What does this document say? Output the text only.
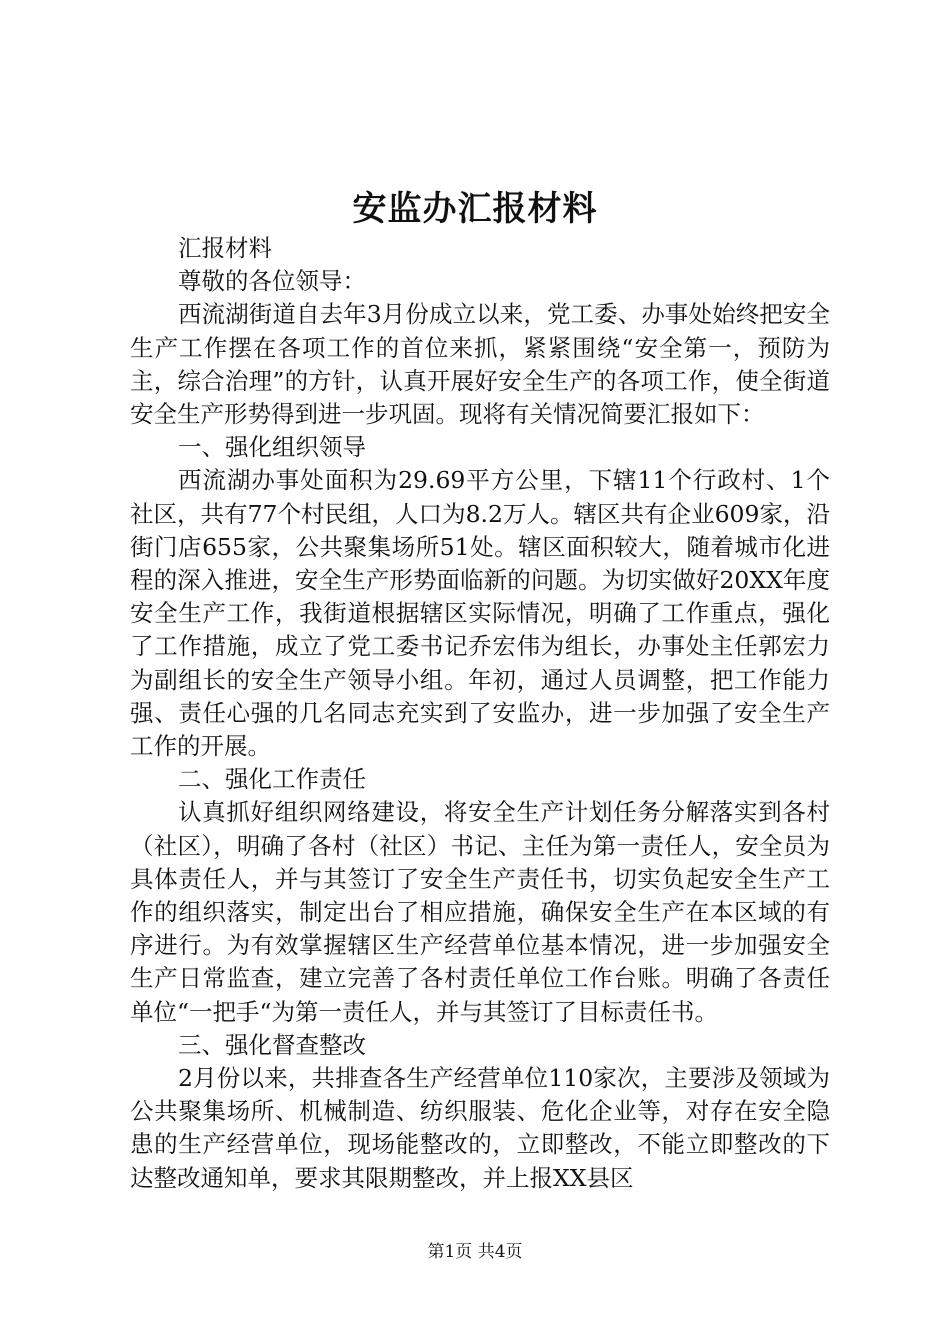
安监办汇报材料

汇报材料

尊敬的各位领导：

西流湖街道自去年3月份成立以来，党工委、办事处始终把安全生产工作摆在各项工作的首位来抓，紧紧围绕“安全第一，预防为主，综合治理”的方针，认真开展好安全生产的各项工作，使全街道安全生产形势得到进一步巩固。现将有关情况简要汇报如下：

一、强化组织领导

西流湖办事处面积为29.69平方公里，下辖11个行政村、1个社区，共有77个村民组，人口为8.2万人。辖区共有企业609家，沿街门店655家，公共聚集场所51处。辖区面积较大，随着城市化进程的深入推进，安全生产形势面临新的问题。为切实做好20XX年度安全生产工作，我街道根据辖区实际情况，明确了工作重点，强化了工作措施，成立了党工委书记乔宏伟为组长，办事处主任郭宏力为副组长的安全生产领导小组。年初，通过人员调整，把工作能力强、责任心强的几名同志充实到了安监办，进一步加强了安全生产工作的开展。

二、强化工作责任

认真抓好组织网络建设，将安全生产计划任务分解落实到各村（社区），明确了各村（社区）书记、主任为第一责任人，安全员为具体责任人，并与其签订了安全生产责任书，切实负起安全生产工作的组织落实，制定出台了相应措施，确保安全生产在本区域的有序进行。为有效掌握辖区生产经营单位基本情况，进一步加强安全生产日常监查，建立完善了各村责任单位工作台账。明确了各责任单位“一把手“为第一责任人，并与其签订了目标责任书。

三、强化督查整改

2月份以来，共排查各生产经营单位110家次，主要涉及领域为公共聚集场所、机械制造、纺织服装、危化企业等，对存在安全隐患的生产经营单位，现场能整改的，立即整改，不能立即整改的下达整改通知单，要求其限期整改，并上报XX县区

第1页 共4页
